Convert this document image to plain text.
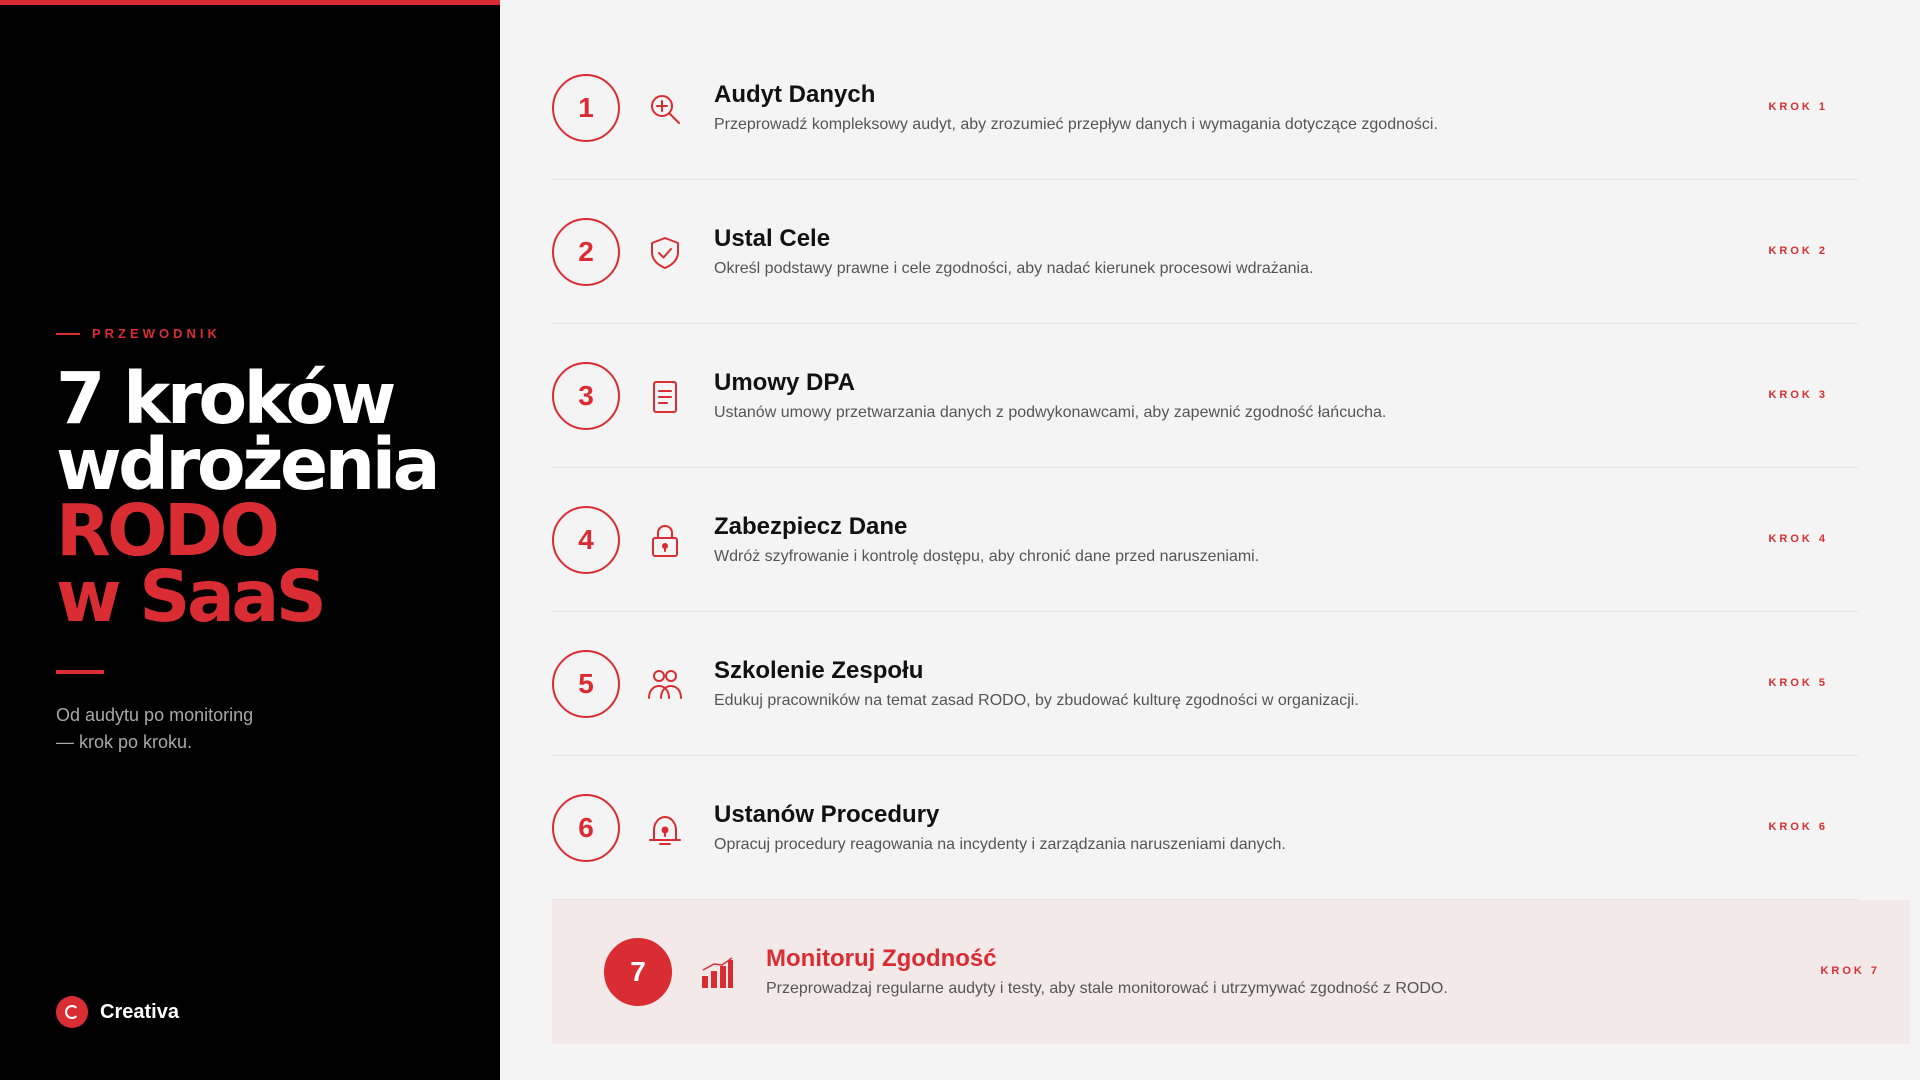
PRZEWODNIK
7 kroków
wdrożenia
RODO
w SaaS

Od audytu po monitoring
— krok po kroku.

Creativa
1	Audyt Danych
Przeprowadź kompleksowy audyt, aby zrozumieć przepływ danych i wymagania dotyczące zgodności.
KROK 1
2	Ustal Cele
Określ podstawy prawne i cele zgodności, aby nadać kierunek procesowi wdrażania.
KROK 2
3	Umowy DPA
Ustanów umowy przetwarzania danych z podwykonawcami, aby zapewnić zgodność łańcucha.
KROK 3
4	Zabezpiecz Dane
Wdróż szyfrowanie i kontrolę dostępu, aby chronić dane przed naruszeniami.
KROK 4
5	Szkolenie Zespołu
Edukuj pracowników na temat zasad RODO, by zbudować kulturę zgodności w organizacji.
KROK 5
6	Ustanów Procedury
Opracuj procedury reagowania na incydenty i zarządzania naruszeniami danych.
KROK 6
7	Monitoruj Zgodność
Przeprowadzaj regularne audyty i testy, aby stale monitorować i utrzymywać zgodność z RODO.
KROK 7
